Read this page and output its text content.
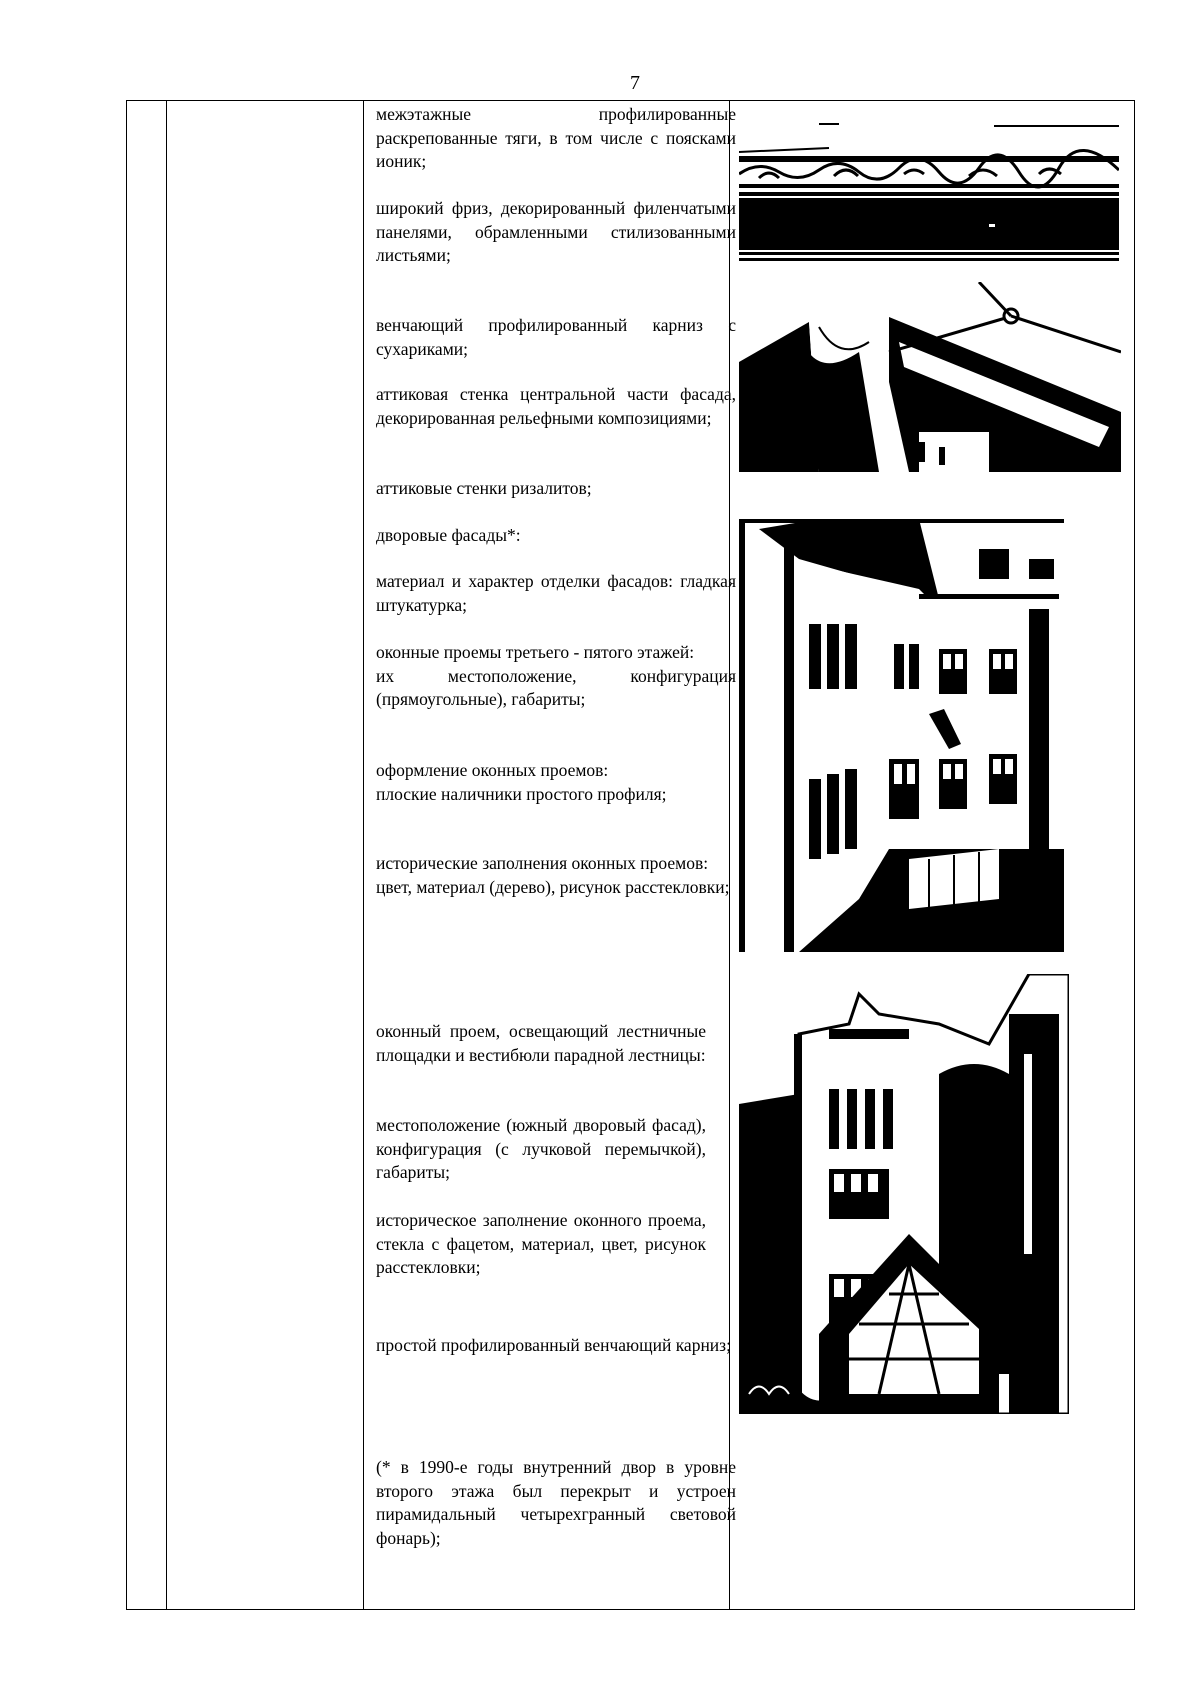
7
межэтажные профилированные раскрепованные тяги, в том числе с поясками ионик;
широкий фриз, декорированный филенчатыми панелями, обрамленными стилизованными листьями;
венчающий профилированный карниз с сухариками;
аттиковая стенка центральной части фасада, декорированная рельефными композициями;
аттиковые стенки ризалитов;
дворовые фасады*:
материал и характер отделки фасадов: гладкая штукатурка;
оконные проемы третьего - пятого этажей:
их местоположение, конфигурация (прямоугольные), габариты;
оформление оконных проемов:
плоские наличники простого профиля;
исторические заполнения оконных проемов:
цвет, материал (дерево), рисунок расстекловки;
оконный проем, освещающий лестничные площадки и вестибюли парадной лестницы:
местоположение (южный дворовый фасад), конфигурация (с лучковой перемычкой), габариты;
историческое заполнение оконного проема, стекла с фацетом, материал, цвет, рисунок расстекловки;
простой профилированный венчающий карниз;
(* в 1990-е годы внутренний двор в уровне второго этажа был перекрыт и устроен пирамидальный четырехгранный световой фонарь);
